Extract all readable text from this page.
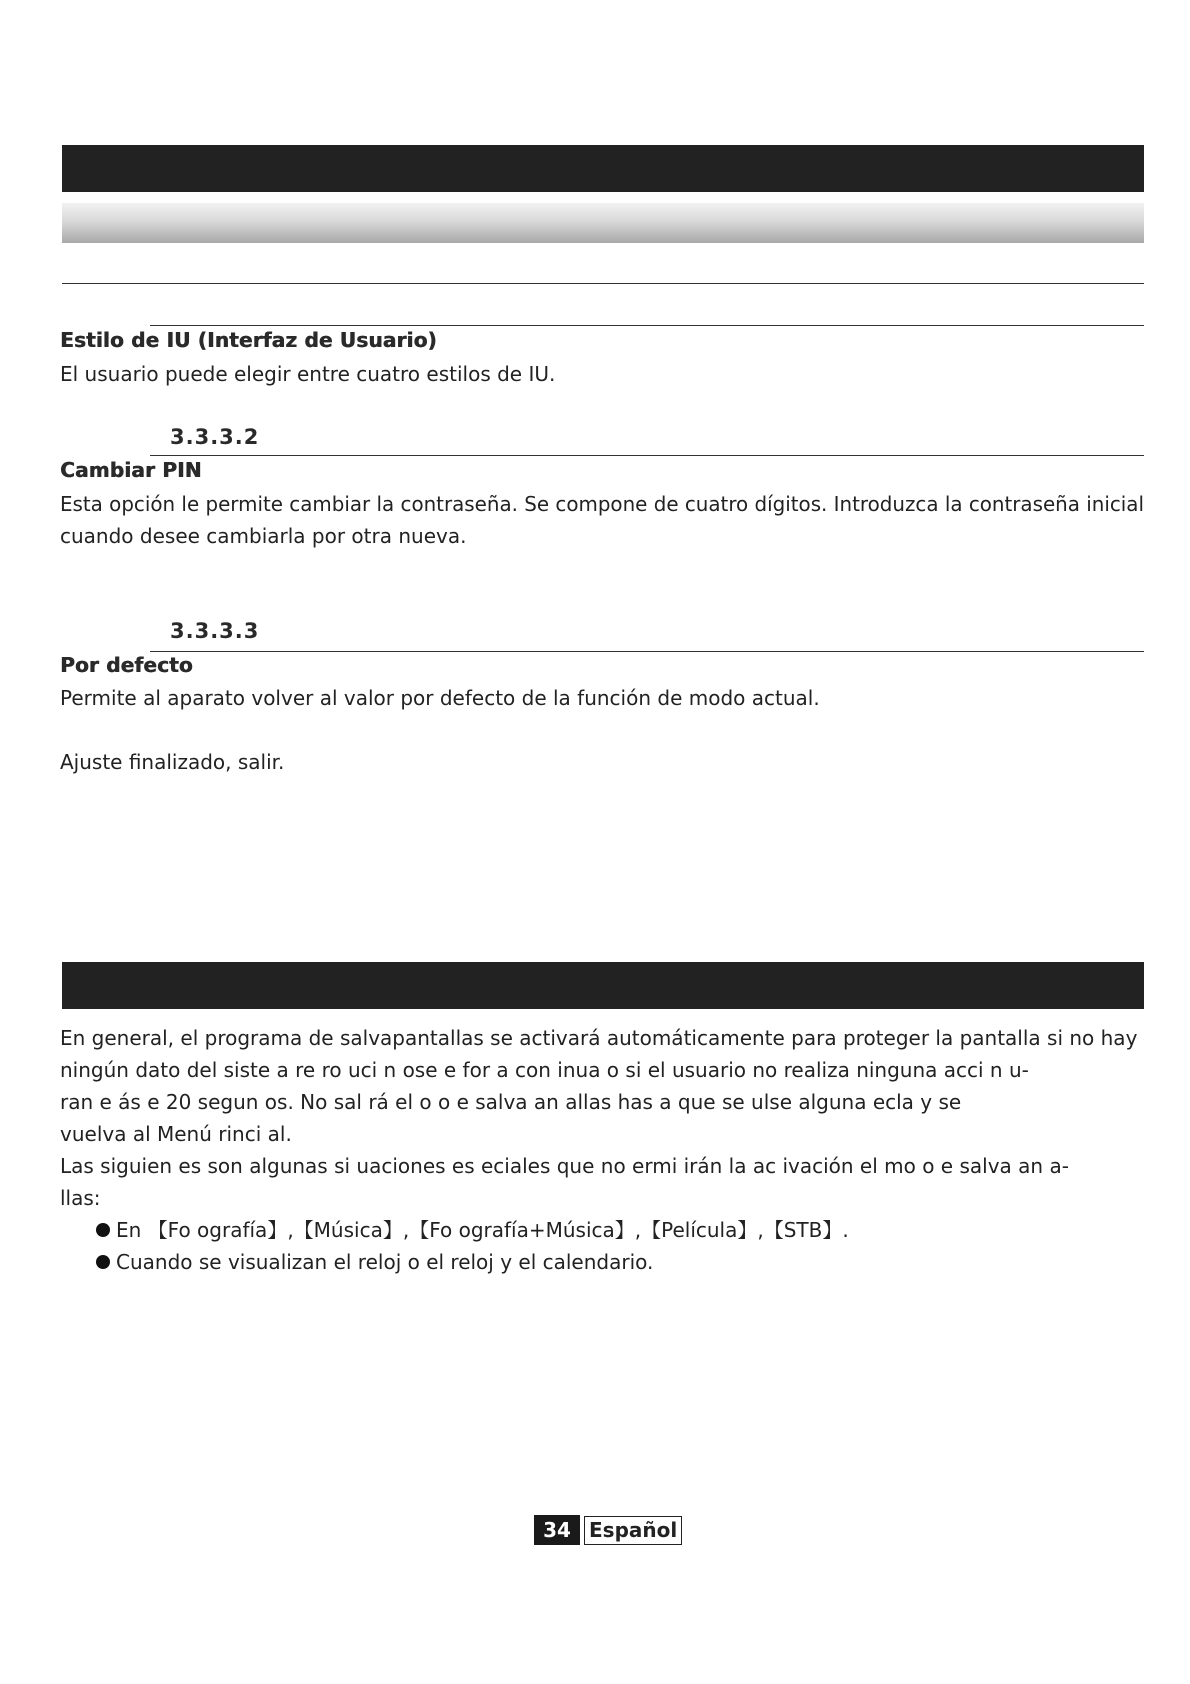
Estilo de IU (Interfaz de Usuario)
El usuario puede elegir entre cuatro estilos de IU.
3.3.3.2
Cambiar PIN
Esta opción le permite cambiar la contraseña. Se compone de cuatro dígitos. Introduzca la contraseña inicial
cuando desee cambiarla por otra nueva.
3.3.3.3
Por defecto
Permite al aparato volver al valor por defecto de la función de modo actual.
Ajuste finalizado, salir.
En general, el programa de salvapantallas se activará automáticamente para proteger la pantalla si no hay
ningún dato del siste a re ro uci n ose e for a con inua o si el usuario no realiza ninguna acci n u-
ran e ás e 20 segun os. No sal rá el o o e salva an allas has a que se ulse alguna ecla y se
vuelva al Menú rinci al.
Las siguien es son algunas si uaciones es eciales que no ermi irán la ac ivación el mo o e salva an a-
llas:
En 【Fo ografía】,【Música】,【Fo ografía+Música】,【Película】,【STB】.
Cuando se visualizan el reloj o el reloj y el calendario.
34 Español
